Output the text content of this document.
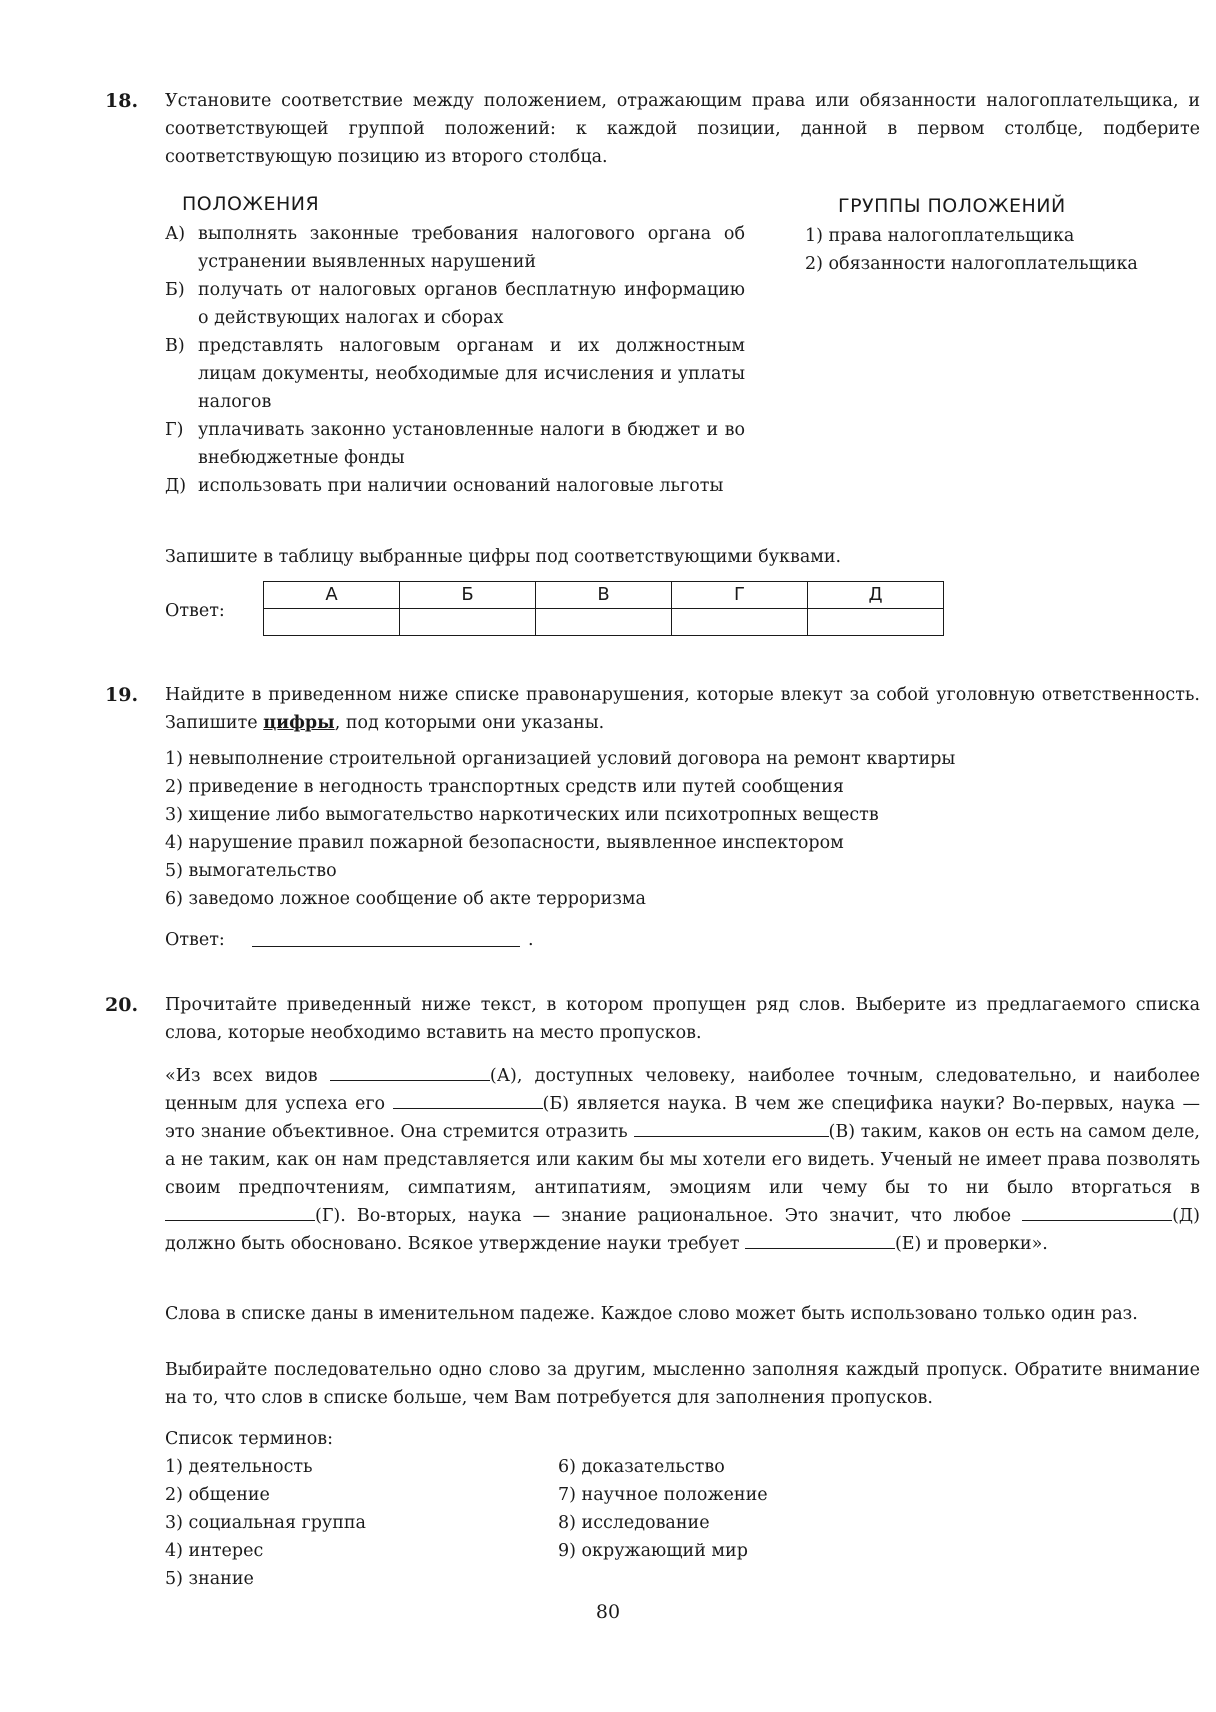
18. Установите соответствие между положением, отражающим права или обязанности налогоплательщика, и соответствующей группой положений: к каждой позиции, данной в первом столбце, подберите соответствующую позицию из второго столбца.

ПОЛОЖЕНИЯ	ГРУППЫ ПОЛОЖЕНИЙ
А) выполнять законные требования налогового органа об устранении выявленных нарушений
Б) получать от налоговых органов бесплатную информацию о действующих налогах и сборах
В) представлять налоговым органам и их должностным лицам документы, необходимые для исчисления и уплаты налогов
Г) уплачивать законно установленные налоги в бюджет и во внебюджетные фонды
Д) использовать при наличии оснований налоговые льготы
1) права налогоплательщика
2) обязанности налогоплательщика
Запишите в таблицу выбранные цифры под соответствующими буквами.
Ответ:
А	Б	В	Г	Д

19. Найдите в приведенном ниже списке правонарушения, которые влекут за собой уголовную ответственность. Запишите цифры, под которыми они указаны.

1) невыполнение строительной организацией условий договора на ремонт квартиры
2) приведение в негодность транспортных средств или путей сообщения
3) хищение либо вымогательство наркотических или психотропных веществ
4) нарушение правил пожарной безопасности, выявленное инспектором
5) вымогательство
6) заведомо ложное сообщение об акте терроризма
Ответ:	.
20. Прочитайте приведенный ниже текст, в котором пропущен ряд слов. Выберите из предлагаемого списка слова, которые необходимо вставить на место пропусков.

«Из всех видов	(А), доступных человеку, наиболее точным, следовательно, и наиболее ценным для успеха его	(Б) является наука. В чем же специфика науки? Во-первых, наука — это знание объективное. Она стремится отразить	(В) таким, каков он есть на самом деле, а не таким, как он нам представляется или каким бы мы хотели его видеть. Ученый не имеет права позволять своим предпочтениям, симпатиям, антипатиям, эмоциям или чему бы то ни было вторгаться в (Г). Во-вторых, наука — знание рациональное. Это значит, что любое	(Д) должно быть обосновано. Всякое утверждение науки требует	(Е) и проверки».

Слова в списке даны в именительном падеже. Каждое слово может быть использовано только один раз.

Выбирайте последовательно одно слово за другим, мысленно заполняя каждый пропуск. Обратите внимание на то, что слов в списке больше, чем Вам потребуется для заполнения пропусков.

Список терминов:
1) деятельность
2) общение
3) социальная группа
4) интерес
5) знание
6) доказательство
7) научное положение
8) исследование
9) окружающий мир
80
